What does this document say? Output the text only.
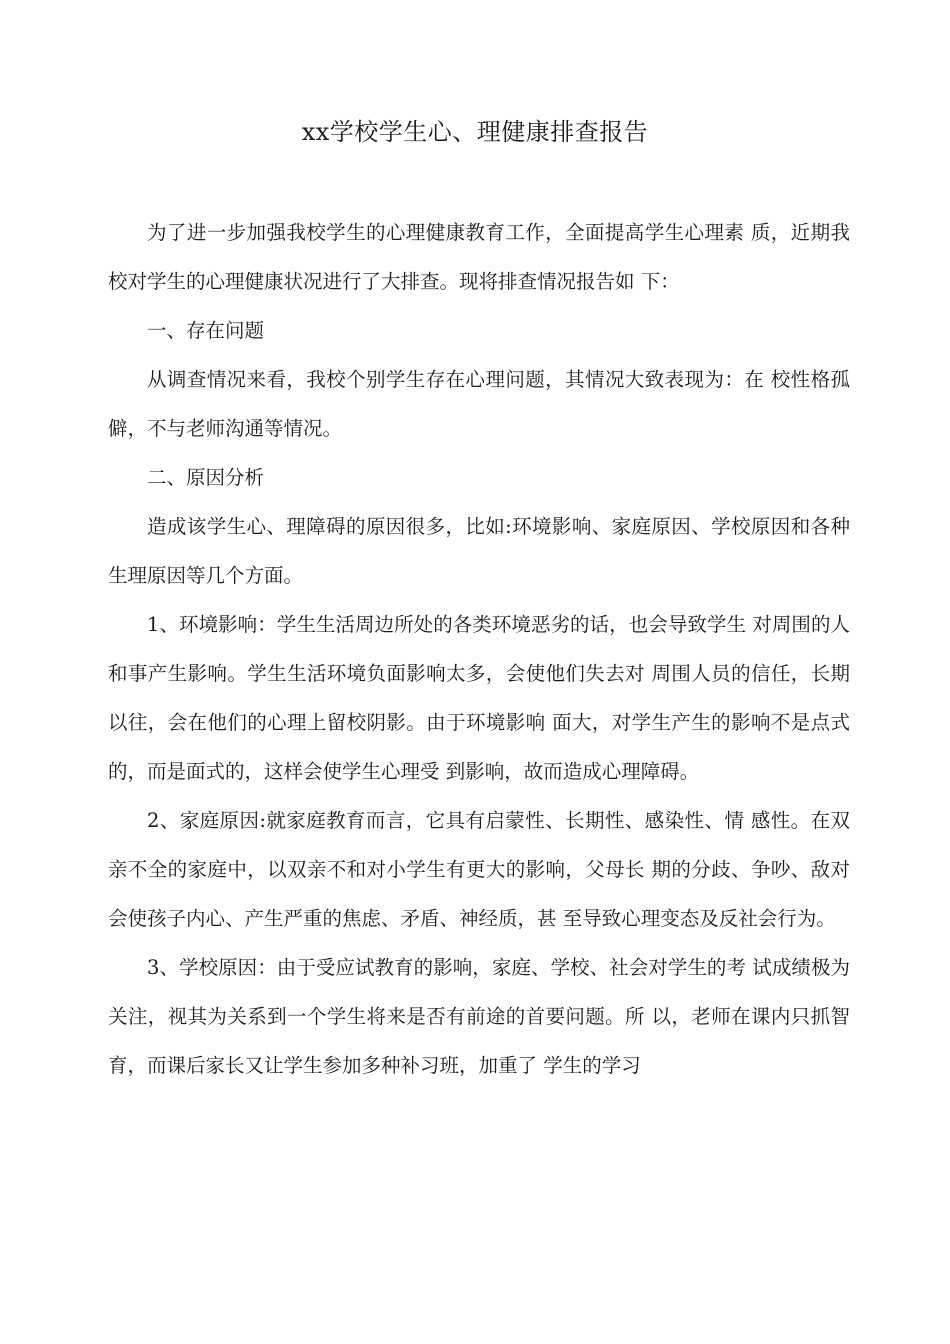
xx学校学生心、理健康排查报告

为了进一步加强我校学生的心理健康教育工作，全面提高学生心理素 质，近期我校对学生的心理健康状况进行了大排查。现将排查情况报告如 下：

一、存在问题

从调查情况来看，我校个别学生存在心理问题，其情况大致表现为：在 校性格孤僻，不与老师沟通等情况。

二、原因分析

造成该学生心、理障碍的原因很多，比如:环境影响、家庭原因、学校原因和各种生理原因等几个方面。

1、环境影响：学生生活周边所处的各类环境恶劣的话，也会导致学生 对周围的人和事产生影响。学生生活环境负面影响太多，会使他们失去对 周围人员的信任，长期以往，会在他们的心理上留校阴影。由于环境影响 面大，对学生产生的影响不是点式的，而是面式的，这样会使学生心理受 到影响，故而造成心理障碍。

2、家庭原因:就家庭教育而言，它具有启蒙性、长期性、感染性、情 感性。在双亲不全的家庭中，以双亲不和对小学生有更大的影响，父母长 期的分歧、争吵、敌对会使孩子内心、产生严重的焦虑、矛盾、神经质，甚 至导致心理变态及反社会行为。

3、学校原因：由于受应试教育的影响，家庭、学校、社会对学生的考 试成绩极为关注，视其为关系到一个学生将来是否有前途的首要问题。所 以，老师在课内只抓智育，而课后家长又让学生参加多种补习班，加重了 学生的学习
